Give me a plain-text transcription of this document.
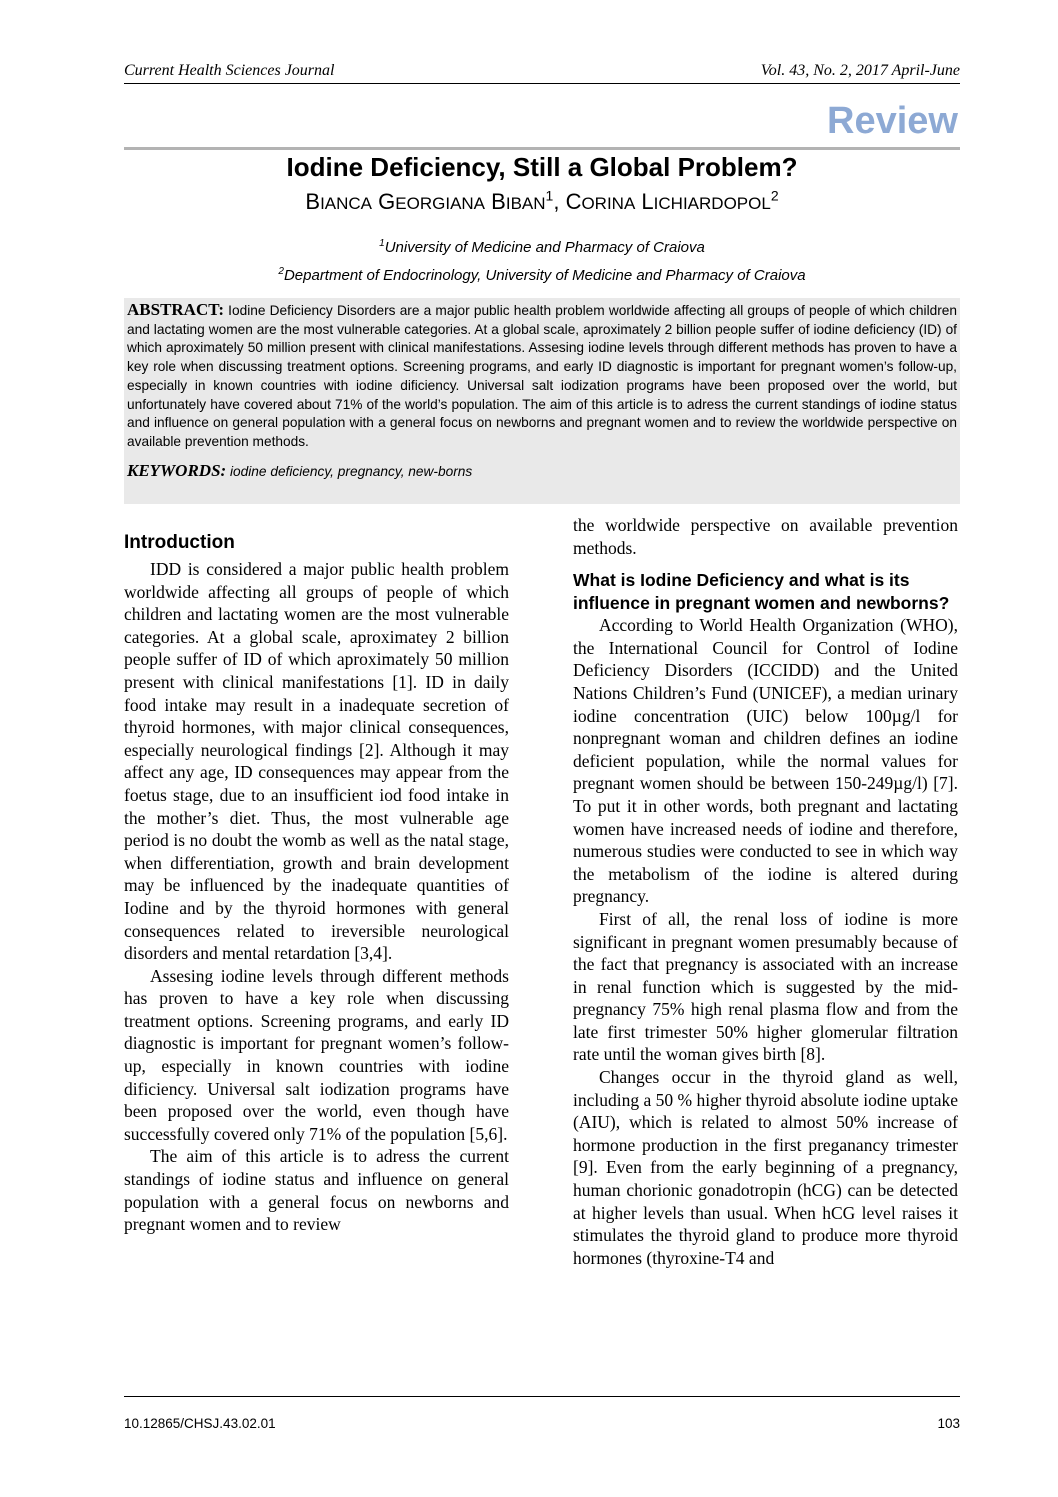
Current Health Sciences Journal	Vol. 43, No. 2, 2017 April-June
Review
Iodine Deficiency, Still a Global Problem?
BIANCA GEORGIANA BIBAN$^1$, CORINA LICHIARDOPOL$^2$
$^1$University of Medicine and Pharmacy of Craiova
$^2$Department of Endocrinology, University of Medicine and Pharmacy of Craiova
ABSTRACT: Iodine Deficiency Disorders are a major public health problem worldwide affecting all groups of people of which children and lactating women are the most vulnerable categories. At a global scale, aproximately 2 billion people suffer of iodine deficiency (ID) of which aproximately 50 million present with clinical manifestations. Assesing iodine levels through different methods has proven to have a key role when discussing treatment options. Screening programs, and early ID diagnostic is important for pregnant women’s follow-up, especially in known countries with iodine dificiency. Universal salt iodization programs have been proposed over the world, but unfortunately have covered about 71% of the world’s population. The aim of this article is to adress the current standings of iodine status and influence on general population with a general focus on newborns and pregnant women and to review the worldwide perspective on available prevention methods.
KEYWORDS: iodine deficiency, pregnancy, new-borns
Introduction

IDD is considered a major public health problem worldwide affecting all groups of people of which children and lactating women are the most vulnerable categories. At a global scale, aproximatey 2 billion people suffer of ID of which aproximately 50 million present with clinical manifestations [1]. ID in daily food intake may result in a inadequate secretion of thyroid hormones, with major clinical consequences, especially neurological findings [2]. Although it may affect any age, ID consequences may appear from the foetus stage, due to an insufficient iod food intake in the mother’s diet. Thus, the most vulnerable age period is no doubt the womb as well as the natal stage, when differentiation, growth and brain development may be influenced by the inadequate quantities of Iodine and by the thyroid hormones with general consequences related to ireversible neurological disorders and mental retardation [3,4].

Assesing iodine levels through different methods has proven to have a key role when discussing treatment options. Screening programs, and early ID diagnostic is important for pregnant women’s follow-up, especially in known countries with iodine dificiency. Universal salt iodization programs have been proposed over the world, even though have successfully covered only 71% of the population [5,6].

The aim of this article is to adress the current standings of iodine status and influence on general population with a general focus on newborns and pregnant women and to review

the worldwide perspective on available prevention methods.

What is Iodine Deficiency and what is its influence in pregnant women and newborns?

According to World Health Organization (WHO), the International Council for Control of Iodine Deficiency Disorders (ICCIDD) and the United Nations Children’s Fund (UNICEF), a median urinary iodine concentration (UIC) below 100µg/l for nonpregnant woman and children defines an iodine deficient population, while the normal values for pregnant women should be between 150-249µg/l) [7]. To put it in other words, both pregnant and lactating women have increased needs of iodine and therefore, numerous studies were conducted to see in which way the metabolism of the iodine is altered during pregnancy.

First of all, the renal loss of iodine is more significant in pregnant women presumably because of the fact that pregnancy is associated with an increase in renal function which is suggested by the mid-pregnancy 75% high renal plasma flow and from the late first trimester 50% higher glomerular filtration rate until the woman gives birth [8].

Changes occur in the thyroid gland as well, including a 50 % higher thyroid absolute iodine uptake (AIU), which is related to almost 50% increase of hormone production in the first preganancy trimester [9]. Even from the early beginning of a pregnancy, human chorionic gonadotropin (hCG) can be detected at higher levels than usual. When hCG level raises it stimulates the thyroid gland to produce more thyroid hormones (thyroxine-T4 and

10.12865/CHSJ.43.02.01	103
